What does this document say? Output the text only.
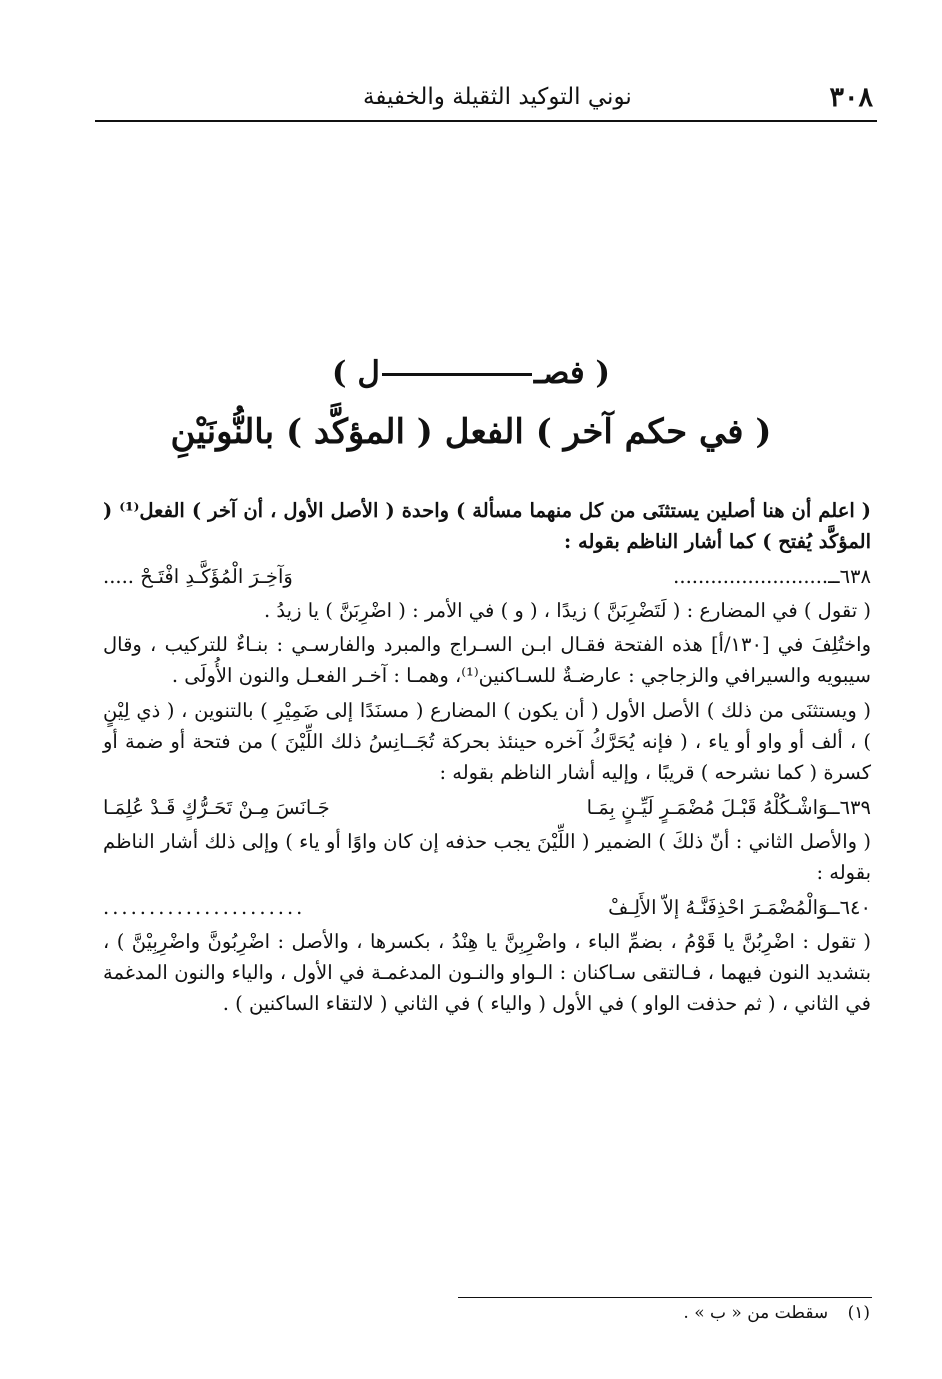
٣٠٨
نوني التوكيد الثقيلة والخفيفة
( فصـل )
( في حكم آخر ) الفعل ( المؤكَّد ) بالنُّونَيْنِ

( اعلم أن هنا أصلين يستثنَى من كل منهما مسألة ) واحدة ( الأصل الأول ، أن آخر ) الفعل⁽¹⁾ ( المؤكَّد يُفتح ) كما أشار الناظم بقوله :

٦٣٨ــ.........................
وَآخِـرَ الْمُؤَكَّـدِ افْتَـحْ .....

( تقول ) في المضارع : ( لَتَضْرِبَنَّ ) زيدًا ، ( و ) في الأمر : ( اضْرِبَنَّ ) يا زيدُ .

واختُلِفَ في [١٣٠/أ] هذه الفتحة فقـال ابـن السـراج والمبرد والفارسـي : بنـاءٌ للتركيب ، وقال سيبويه والسيرافي والزجاجي : عارضـةٌ للسـاكنين⁽¹⁾، وهمـا : آخـر الفعـل والنون الأُولَى .

( ويستثنَى من ذلك ) الأصل الأول ( أن يكون ) المضارع ( مسنَدًا إلى ضَمِيْرِ ) بالتنوين ، ( ذي لِيْنٍ ) ، ألف أو واو أو ياء ، ( فإنه يُحَرَّكُ آخره حينئذ بحركة تُجَــانِسُ ذلك اللِّيْنَ ) من فتحة أو ضمة أو كسرة ( كما نشرحه ) قريبًا ، وإليه أشار الناظم بقوله :

٦٣٩ــوَاشْـكُلْهُ قَبْـلَ مُضْمَـرٍ لَيِّـنٍ بِمَـا
جَـانَسَ مِـنْ تَحَـرُّكٍ قَـدْ عُلِمَـا

( والأصل الثاني : أنّ ذلكَ ) الضمير ( اللِّيْنَ يجب حذفه إن كان واوًا أو ياء ) وإلى ذلك أشار الناظم بقوله :

٦٤٠ــوَالْمُضْمَـرَ احْذِفَنَّـهُ إلاّ الأَلِـفْ
......................

( تقول : اضْرِبُنَّ يا قَوْمُ ، بضمِّ الباء ، واضْرِبِنَّ يا هِنْدُ ، بكسرها ، والأصل : اضْرِبُونَّ واضْرِبِيْنَّ ) ، بتشديد النون فيهما ، فـالتقى سـاكنان : الـواو والنـون المدغمـة في الأول ، والياء والنون المدغمة في الثاني ، ( ثم حذفت الواو ) في الأول ( والياء ) في الثاني ( لالتقاء الساكنين ) .

(١) سقطت من « ب » .
